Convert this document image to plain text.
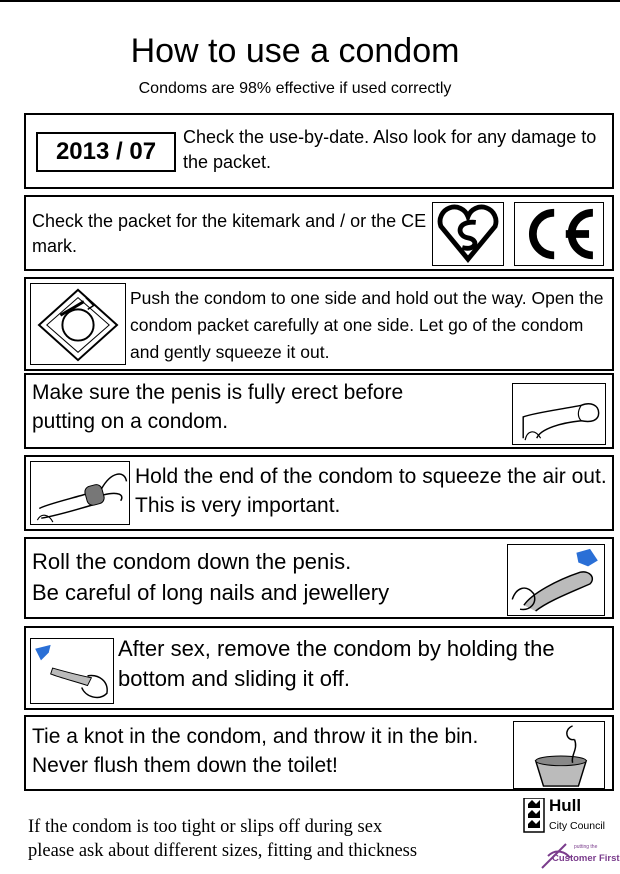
How to use a condom
Condoms are 98% effective if used correctly
2013 / 07
Check the use-by-date. Also look for any damage to the packet.
Check the packet for the kitemark and / or the CE mark.
Push the condom to one side and hold out the way. Open the condom packet carefully at one side. Let go of the condom and gently squeeze it out.
Make sure the penis is fully erect before putting on a condom.
Hold the end of the condom to squeeze the air out. This is very important.
Roll the condom down the penis.
Be careful of long nails and jewellery
After sex, remove the condom by holding the bottom and sliding it off.
Tie a knot in the condom, and throw it in the bin. Never flush them down the toilet!
If the condom is too tight or slips off during sex
please ask about different sizes, fitting and thickness
Hull
City Council
putting the
Customer First
